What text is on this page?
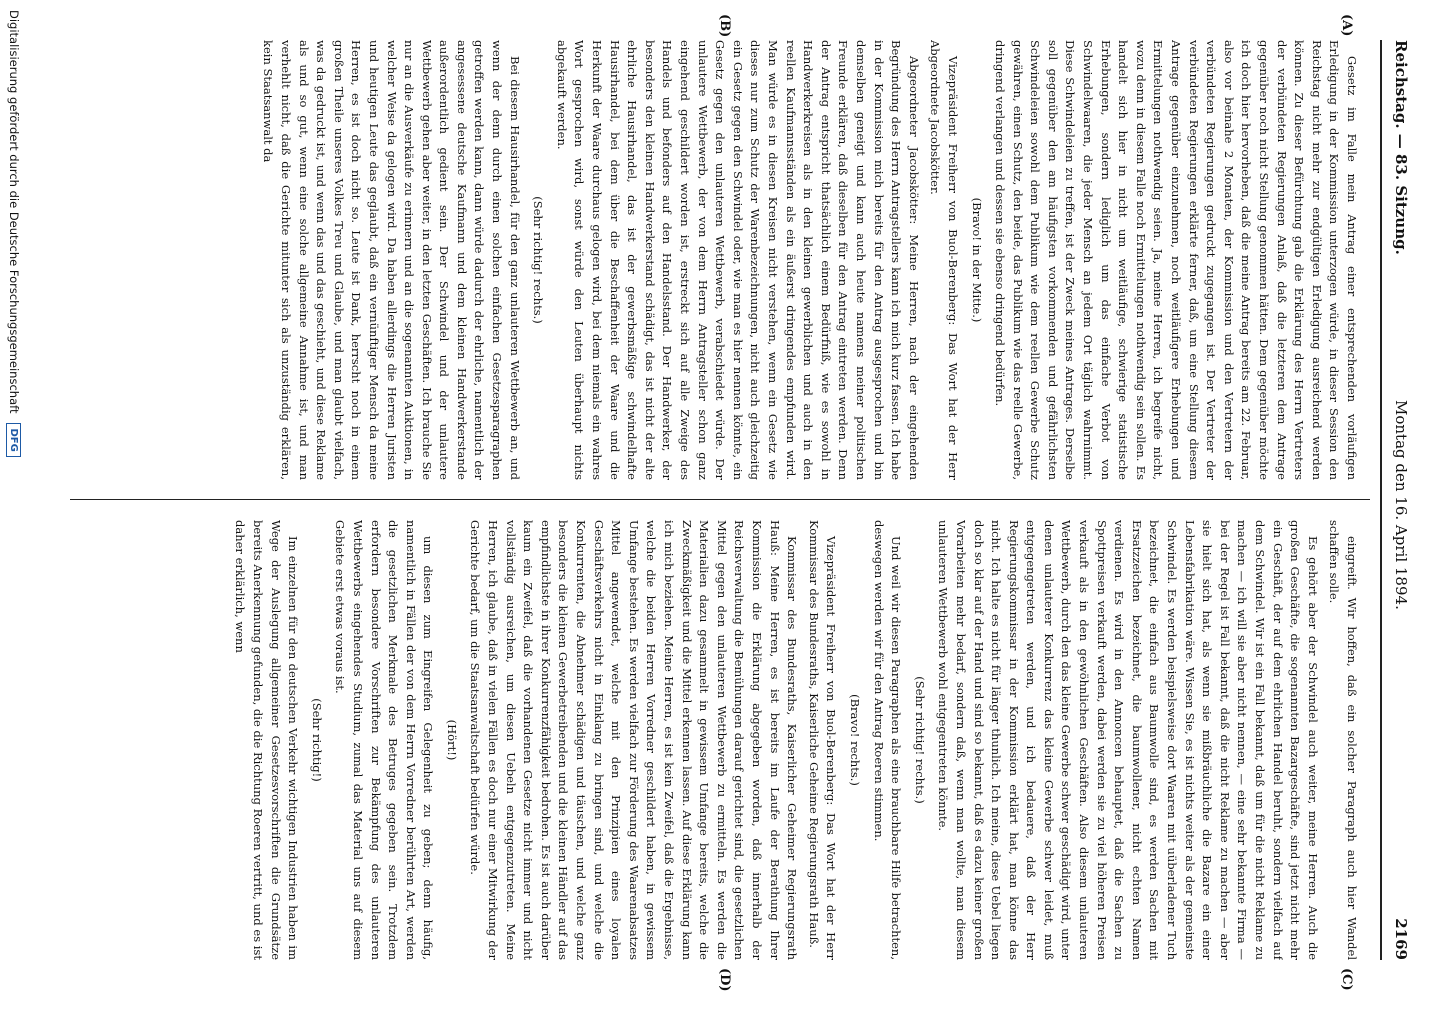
Reichstag. — 83. Sitzung.
Montag den 16. April 1894.
2169
(A)
(B)
(C)
(D)

Gesetz im Falle mein Antrag einer entsprechenden vorläufigen Erledigung in der Kommission unterzogen würde, in dieser Session den Reichstag nicht mehr zur endgültigen Erledigung ausreichend werden können. Zu dieser Befürchtung gab die Erklärung des Herrn Vertreters der verbündeten Regierungen Anlaß, daß die letzteren dem Antrage gegenüber noch nicht Stellung genommen hätten. Dem gegenüber möchte ich doch hier hervorheben, daß die meine Antrag bereits am 22. Februar, also vor beinahe 2 Monaten, der Kommission und den Vertretern der verbündeten Regierungen gedruckt zugegangen ist. Der Vertreter der verbündeten Regierungen erklärte ferner, daß, um eine Stellung diesem Antrage gegenüber einzunehmen, noch weitläufigere Erhebungen und Ermittelungen nothwendig seien. Ja, meine Herren, ich begreife nicht, wozu denn in diesem Falle noch Ermittelungen nothwendig sein sollen. Es handelt sich hier in nicht um weitläufige, schwierige statistische Erhebungen, sondern lediglich um das einfache Verbot von Schwindelwaaren, die jeder Mensch an jedem Ort täglich wahrnimmt. Diese Schwindeleien zu treffen, ist der Zweck meines Antrages. Derselbe soll gegenüber den am häufigsten vorkommenden und gefährlichsten Schwindeleien sowohl dem Publikum wie dem reellen Gewerbe Schutz gewähren, einen Schutz, den beide, das Publikum wie das reelle Gewerbe, dringend verlangen und dessen sie ebenso dringend bedürfen.

(Bravo! in der Mitte.)

Vizepräsident Freiherr von Buol-Berenberg: Das Wort hat der Herr Abgeordnete Jacobskötter.

Abgeordneter Jacobskötter: Meine Herren, nach der eingehenden Begründung des Herrn Antragstellers kann ich mich kurz fassen. Ich habe in der Kommission mich bereits für den Antrag ausgesprochen und bin demselben geneigt und kann auch heute namens meiner politischen Freunde erklären, daß dieselben für den Antrag eintreten werden. Denn der Antrag entspricht thatsächlich einem Bedürfniß, wie es sowohl in Handwerkerkreisen als in den kleinen gewerblichen und auch in den reellen Kaufmannsständen als ein äußerst dringendes empfunden wird. Man würde es in diesen Kreisen nicht verstehen, wenn ein Gesetz wie dieses nur zum Schutz der Warenbezeichnungen, nicht auch gleichzeitig ein Gesetz gegen den Schwindel oder, wie man es hier nennen könnte, ein Gesetz gegen den unlauteren Wettbewerb, verabschiedet würde. Der unlautere Wettbewerb, der von dem Herrn Antragsteller schon ganz eingehend geschildert worden ist, erstreckt sich auf alle Zweige des Handels und befonders auf den Handelsstand. Der Handwerker, der besonders den kleinen Handwerkerstand schädigt, das ist nicht der alte ehrliche Hausirhandel, das ist der gewerbsmäßige schwindelhafte Hausirhandel, bei dem über die Beschaffenheit der Waare und die Herkunft der Waare durchaus gelogen wird, bei dem niemals ein wahres Wort gesprochen wird, sonst würde den Leuten überhaupt nichts abgekauft werden.

(Sehr richtig! rechts.)

Bei diesem Hausirhandel, für den ganz unlauteren Wettbewerb an, und wenn der denn durch einen solchen einfachen Gesetzesparagraphen getroffen werden kann, dann würde dadurch der ehrliche, namentlich der angesessene deutsche Kaufmann und dem kleinen Handwerkerstande außerordentlich gedient sein. Der Schwindel und der unlautere Wettbewerb gehen aber weiter, in den letzten Geschäften. Ich brauche Sie nur an die Ausverkäufe zu erinnern und an die sogenannten Auktionen, in welcher Weise da gelogen wird. Da haben allerdings die Herren Juristen und heutigen Leute das geglaubt, daß ein vernünftiger Mensch da meine Herren, es ist doch nicht so. Leute ist Dank, herrscht noch in einem großen Theile unseres Volkes Treu und Glaube, und man glaubt vielfach, was da gedruckt ist, und wenn das und das geschieht, und diese Reklame als und so gut, wenn eine solche allgemeine Annahme ist, und man verhehlt nicht, daß die Gerichte mitunter sich als unzuständig erklären, kein Staatsanwalt da

eingreift. Wir hoffen, daß ein solcher Paragraph auch hier Wandel schaffen solle.

Es gehört aber der Schwindel auch weiter, meine Herren. Auch die großen Geschäfte, die sogenannten Bazargeschäfte, sind jetzt nicht mehr ein Geschäft, der auf dem ehrlichen Handel beruht, sondern vielfach auf dem Schwindel. Wir ist ein Fall bekannt, daß um für die nicht Reklame zu machen — ich will sie aber nicht nennen, — eine sehr bekannte Firma — bei der Regel ist Fall bekannt, daß die nicht Reklame zu machen — aber sie hielt sich hat, als wenn sie mißbräuchliche die Bazare ein einer Lebensfabrikation wäre. Wissen Sie, es ist nichts weiter als der gemeinste Schwindel. Es werden beispielsweise dort Waaren mit uüberladener Tuch bezeichnet, die einfach aus Baumwolle sind, es werden Sachen mit Ersatzzeichen bezeichnet, die baumwollener, nicht echten Namen verdienen. Es wird in den Annoncen behauptet, daß die Sachen zu Spottpreisen verkauft werden, dabei werden sie zu viel höheren Preisen verkauft als in den gewöhnlichen Geschäften. Also diesem unlauteren Wettbewerb, durch den das kleine Gewerbe schwer geschädigt wird, unter denen unlauterer Konkurrenz das kleine Gewerbe schwer leidet, muß entgegengetreten werden, und ich bedauere, daß der Herr Regierungskommissar in der Kommission erklärt hat, man könne das nicht. Ich halte es nicht für länger thunlich. Ich meine, diese Uebel liegen doch so klar auf der Hand und sind so bekannt, daß es dazu keiner großen Vorarbeiten mehr bedarf, sondern daß, wenn man wollte, man diesem unlauteren Wettbewerb wohl entgegentreten könnte.

(Sehr richtig! rechts.)

Und weil wir diesen Paragraphen als eine brauchbare Hilfe betrachten, deswegen werden wir für den Antrag Roeren stimmen.

(Bravo! rechts.)

Vizepräsident Freiherr von Buol-Berenberg: Das Wort hat der Herr Kommissar des Bundesraths, Kaiserliche Geheime Regierungsrath Hauß.

Kommissar des Bundesraths, Kaiserlicher Geheimer Regierungsrath Hauß: Meine Herren, es ist bereits im Laufe der Berathung Ihrer Kommission die Erklärung abgegeben worden, daß innerhalb der Reichsverwaltung die Bemühungen darauf gerichtet sind, die gesetzlichen Mittel gegen den unlauteren Wettbewerb zu ermitteln. Es werden die Materialien dazu gesammelt in gewissem Umfange bereits, welche die Zweckmäßigkeit und die Mittel erkennen lassen. Auf diese Erklärung kann ich mich beziehen. Meine Herren, es ist kein Zweifel, daß die Ergebnisse, welche die beiden Herren Vorredner geschildert haben, in gewissem Umfange bestehen. Es werden vielfach zur Förderung des Waarenabsatzes Mittel angewendet, welche mit den Prinzipien eines loyalen Geschäftsverkehrs nicht in Einklang zu bringen sind, und welche die Konkurrenten, die Abnehmer schädigen und täuschen, und welche ganz besonders die kleinen Gewerbetreibenden und die kleinen Händler auf das empfindlichste in ihrer Konkurrenzfähigkeit bedrohen. Es ist auch darüber kaum ein Zweifel, daß die vorhandenen Gesetze nicht immer und nicht vollständig ausreichen, um diesen Uebeln entgegenzutreten. Meine Herren, ich glaube, daß in vielen Fällen es doch nur einer Mitwirkung der Gerichte bedarf, um die Staatsanwaltschaft bedürfen würde.

(Hört!)

um diesen zum Eingreifen Gelegenheit zu geben; denn häufig, namentlich in Fällen der von dem Herrn Vorredner berührten Art, werden die gesetzlichen Merkmale des Betruges gegeben sein. Trotzdem erfordern besondere Vorschriften zur Bekämpfung des unlauteren Wettbewerbs eingehendes Studium, zumal das Material uns auf diesem Gebiete erst etwas voraus ist.

(Sehr richtig!)

Im einzelnen für den deutschen Verkehr wichtigen Industrien haben im Wege der Auslegung allgemeiner Gesetzesvorschriften die Grundsätze bereits Anerkennung gefunden, die die Richtung Roeren vertritt, und es ist daher erklärlich, wenn

Digitalisierung gefördert durch die Deutsche Forschungsgemeinschaft
DFG
